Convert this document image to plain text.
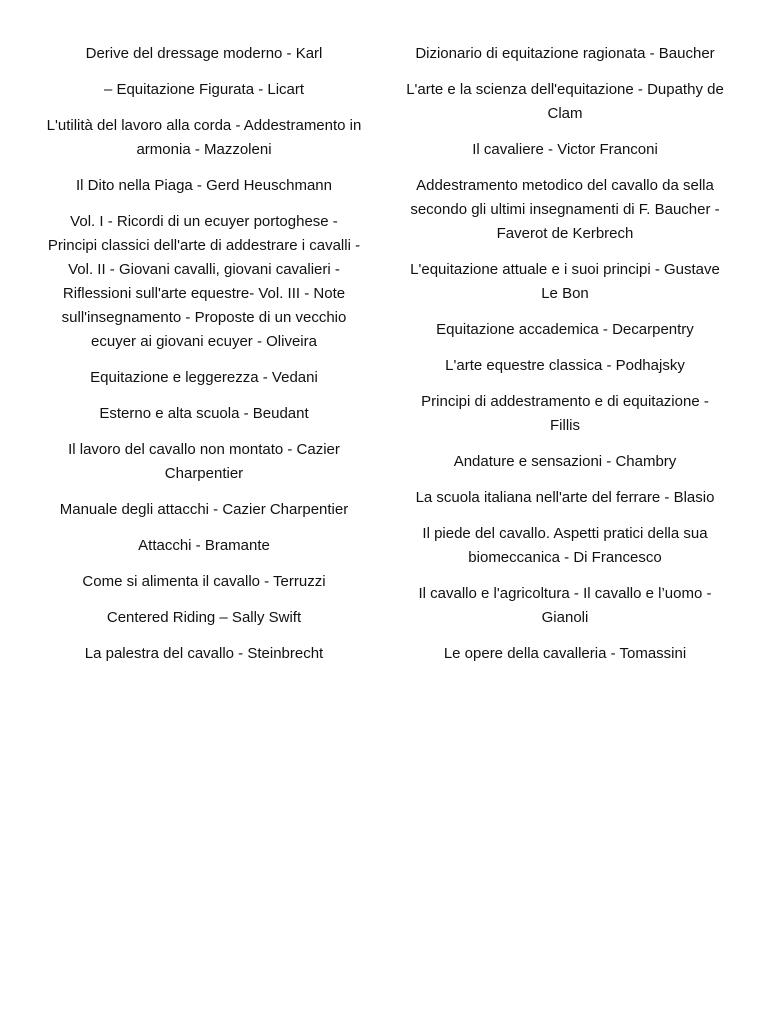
Derive del dressage moderno - Karl
– Equitazione Figurata - Licart
L'utilità del lavoro alla corda - Addestramento in armonia - Mazzoleni
Il Dito nella Piaga - Gerd Heuschmann
Vol. I - Ricordi di un ecuyer portoghese - Principi classici dell'arte di addestrare i cavalli - Vol. II - Giovani cavalli, giovani cavalieri - Riflessioni sull'arte equestre- Vol. III - Note sull'insegnamento - Proposte di un vecchio ecuyer ai giovani ecuyer - Oliveira
Equitazione e leggerezza - Vedani
Esterno e alta scuola - Beudant
Il lavoro del cavallo non montato - Cazier Charpentier
Manuale degli attacchi - Cazier Charpentier
Attacchi - Bramante
Come si alimenta il cavallo - Terruzzi
Centered Riding – Sally Swift
La palestra del cavallo - Steinbrecht
Dizionario di equitazione ragionata - Baucher
L'arte e la scienza dell'equitazione - Dupathy de Clam
Il cavaliere - Victor Franconi
Addestramento metodico del cavallo da sella secondo gli ultimi insegnamenti di F. Baucher - Faverot de Kerbrech
L'equitazione attuale e i suoi principi - Gustave Le Bon
Equitazione accademica - Decarpentry
L'arte equestre classica - Podhajsky
Principi di addestramento e di equitazione - Fillis
Andature e sensazioni - Chambry
La scuola italiana nell'arte del ferrare - Blasio
Il piede del cavallo. Aspetti pratici della sua biomeccanica - Di Francesco
Il cavallo e l'agricoltura - Il cavallo e l’uomo - Gianoli
Le opere della cavalleria - Tomassini
